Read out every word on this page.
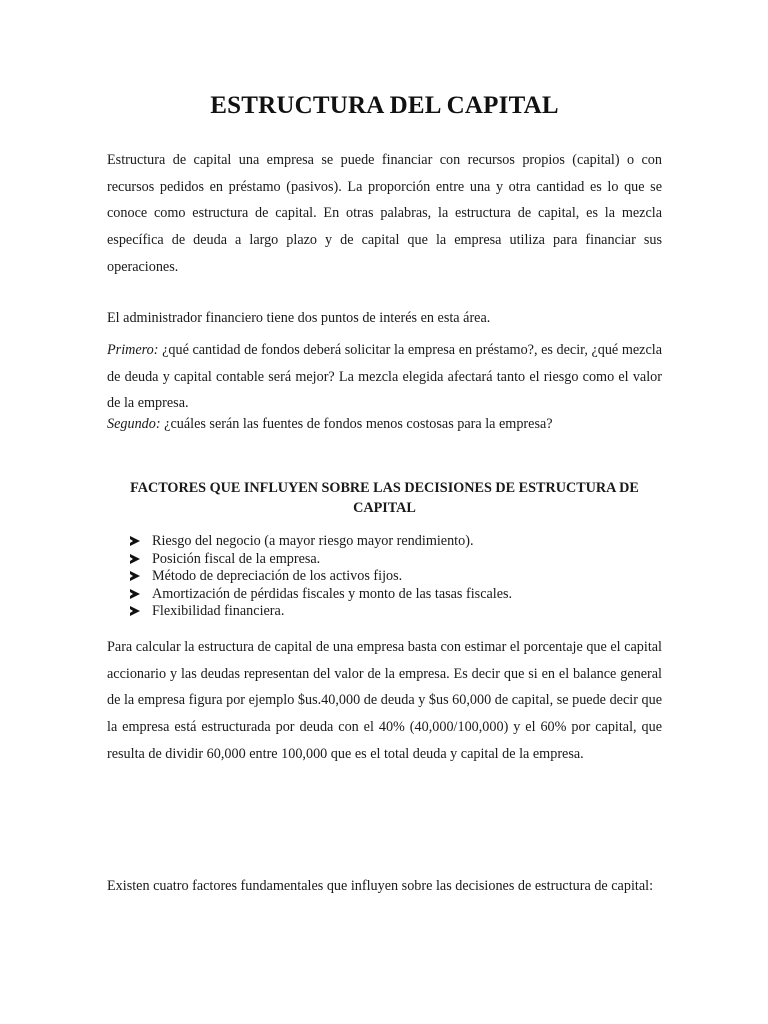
ESTRUCTURA DEL CAPITAL

Estructura de capital una empresa se puede financiar con recursos propios (capital) o con recursos pedidos en préstamo (pasivos). La proporción entre una y otra cantidad es lo que se conoce como estructura de capital. En otras palabras, la estructura de capital, es la mezcla específica de deuda a largo plazo y de capital que la empresa utiliza para financiar sus operaciones.

El administrador financiero tiene dos puntos de interés en esta área.

Primero: ¿qué cantidad de fondos deberá solicitar la empresa en préstamo?, es decir, ¿qué mezcla de deuda y capital contable será mejor? La mezcla elegida afectará tanto el riesgo como el valor de la empresa.

Segundo: ¿cuáles serán las fuentes de fondos menos costosas para la empresa?

FACTORES QUE INFLUYEN SOBRE LAS DECISIONES DE ESTRUCTURA DE CAPITAL
Riesgo del negocio (a mayor riesgo mayor rendimiento).
Posición fiscal de la empresa.
Método de depreciación de los activos fijos.
Amortización de pérdidas fiscales y monto de las tasas fiscales.
Flexibilidad financiera.

Para calcular la estructura de capital de una empresa basta con estimar el porcentaje que el capital accionario y las deudas representan del valor de la empresa. Es decir que si en el balance general de la empresa figura por ejemplo $us.40,000 de deuda y $us 60,000 de capital, se puede decir que la empresa está estructurada por deuda con el 40% (40,000/100,000) y el 60% por capital, que resulta de dividir 60,000 entre 100,000 que es el total deuda y capital de la empresa.

Existen cuatro factores fundamentales que influyen sobre las decisiones de estructura de capital:
